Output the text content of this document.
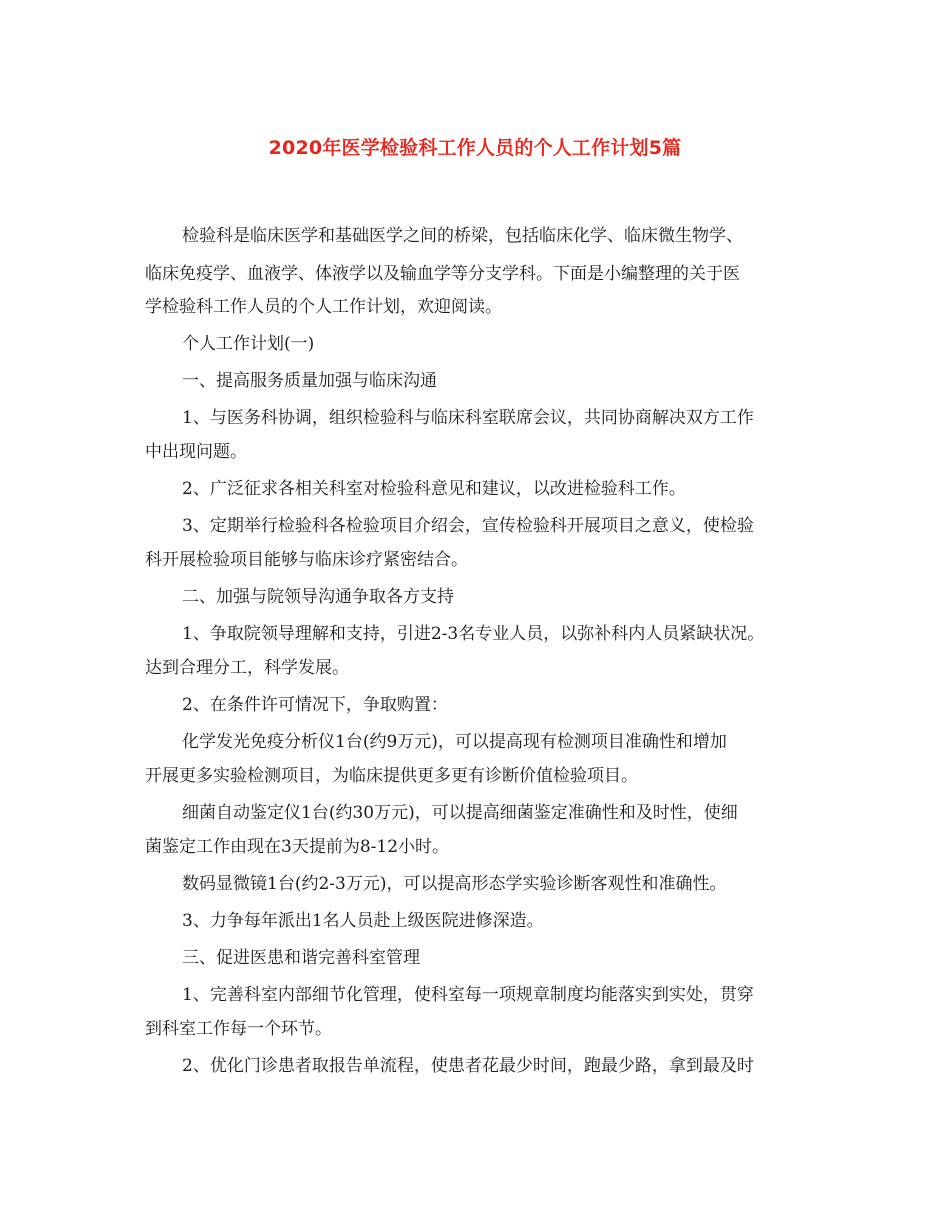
2020年医学检验科工作人员的个人工作计划5篇

检验科是临床医学和基础医学之间的桥梁，包括临床化学、临床微生物学、

临床免疫学、血液学、体液学以及输血学等分支学科。下面是小编整理的关于医

学检验科工作人员的个人工作计划，欢迎阅读。

个人工作计划(一)

一、提高服务质量加强与临床沟通

1、与医务科协调，组织检验科与临床科室联席会议，共同协商解决双方工作

中出现问题。

2、广泛征求各相关科室对检验科意见和建议，以改进检验科工作。

3、定期举行检验科各检验项目介绍会，宣传检验科开展项目之意义，使检验

科开展检验项目能够与临床诊疗紧密结合。

二、加强与院领导沟通争取各方支持

1、争取院领导理解和支持，引进2-3名专业人员，以弥补科内人员紧缺状况。

达到合理分工，科学发展。

2、在条件许可情况下，争取购置：

化学发光免疫分析仪1台(约9万元)，可以提高现有检测项目准确性和增加

开展更多实验检测项目，为临床提供更多更有诊断价值检验项目。

细菌自动鉴定仪1台(约30万元)，可以提高细菌鉴定准确性和及时性，使细

菌鉴定工作由现在3天提前为8-12小时。

数码显微镜1台(约2-3万元)，可以提高形态学实验诊断客观性和准确性。

3、力争每年派出1名人员赴上级医院进修深造。

三、促进医患和谐完善科室管理

1、完善科室内部细节化管理，使科室每一项规章制度均能落实到实处，贯穿

到科室工作每一个环节。

2、优化门诊患者取报告单流程，使患者花最少时间，跑最少路，拿到最及时
